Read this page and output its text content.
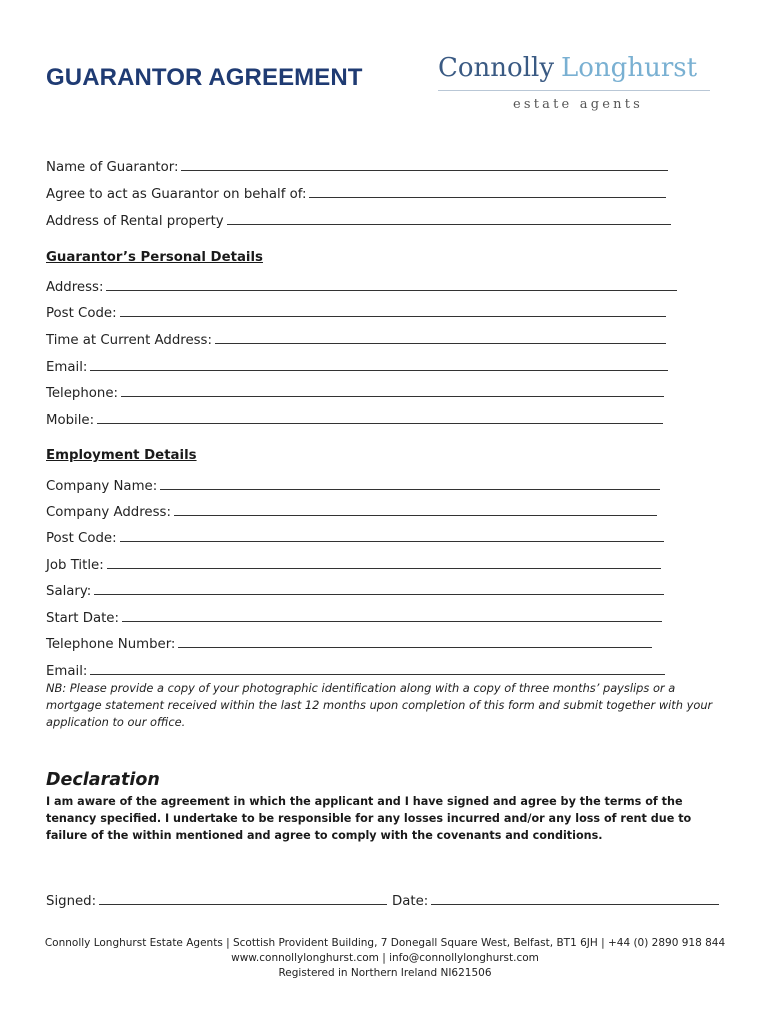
GUARANTOR AGREEMENT	Connolly Longhurst
estate agents
Name of Guarantor:
Agree to act as Guarantor on behalf of:
Address of Rental property
Guarantor’s Personal Details
Address:
Post Code:
Time at Current Address:
Email:
Telephone:
Mobile:
Employment Details
Company Name:
Company Address:
Post Code:
Job Title:
Salary:
Start Date:
Telephone Number:
Email:
NB: Please provide a copy of your photographic identification along with a copy of three months’ payslips or a mortgage statement received within the last 12 months upon completion of this form and submit together with your application to our office.
Declaration
I am aware of the agreement in which the applicant and I have signed and agree by the terms of the tenancy specified. I undertake to be responsible for any losses incurred and/or any loss of rent due to failure of the within mentioned and agree to comply with the covenants and conditions.
Signed:	Date:
Connolly Longhurst Estate Agents | Scottish Provident Building, 7 Donegall Square West, Belfast, BT1 6JH | +44 (0) 2890 918 844
www.connollylonghurst.com | info@connollylonghurst.com
Registered in Northern Ireland NI621506
